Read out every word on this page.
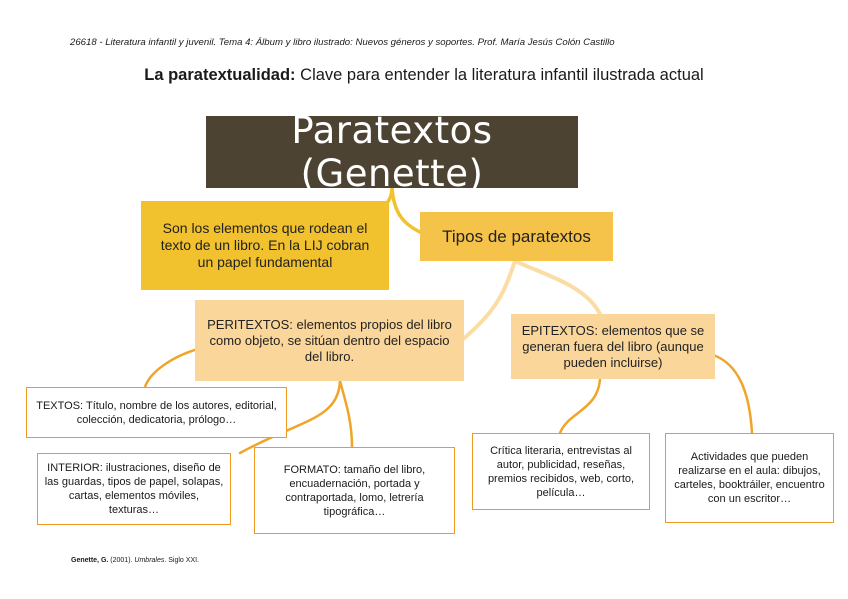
26618 - Literatura infantil y juvenil. Tema 4: Álbum y libro ilustrado: Nuevos géneros y soportes. Prof. María Jesús Colón Castillo
La paratextualidad: Clave para entender la literatura infantil ilustrada actual
Paratextos (Genette)
Son los elementos que rodean el texto de un libro. En la LIJ cobran un papel fundamental
Tipos de paratextos
PERITEXTOS: elementos propios del libro como objeto, se sitúan dentro del espacio del libro.
EPITEXTOS: elementos que se generan fuera del libro (aunque pueden incluirse)
TEXTOS: Título, nombre de los autores, editorial, colección, dedicatoria, prólogo…
INTERIOR: ilustraciones, diseño de las guardas, tipos de papel, solapas, cartas, elementos móviles, texturas…
FORMATO: tamaño del libro, encuadernación, portada y contraportada, lomo, letrería tipográfica…
Crítica literaria, entrevistas al autor, publicidad, reseñas, premios recibidos, web, corto, película…
Actividades que pueden realizarse en el aula: dibujos, carteles, booktráiler, encuentro con un escritor…
Genette, G. (2001). Umbrales. Siglo XXI.
